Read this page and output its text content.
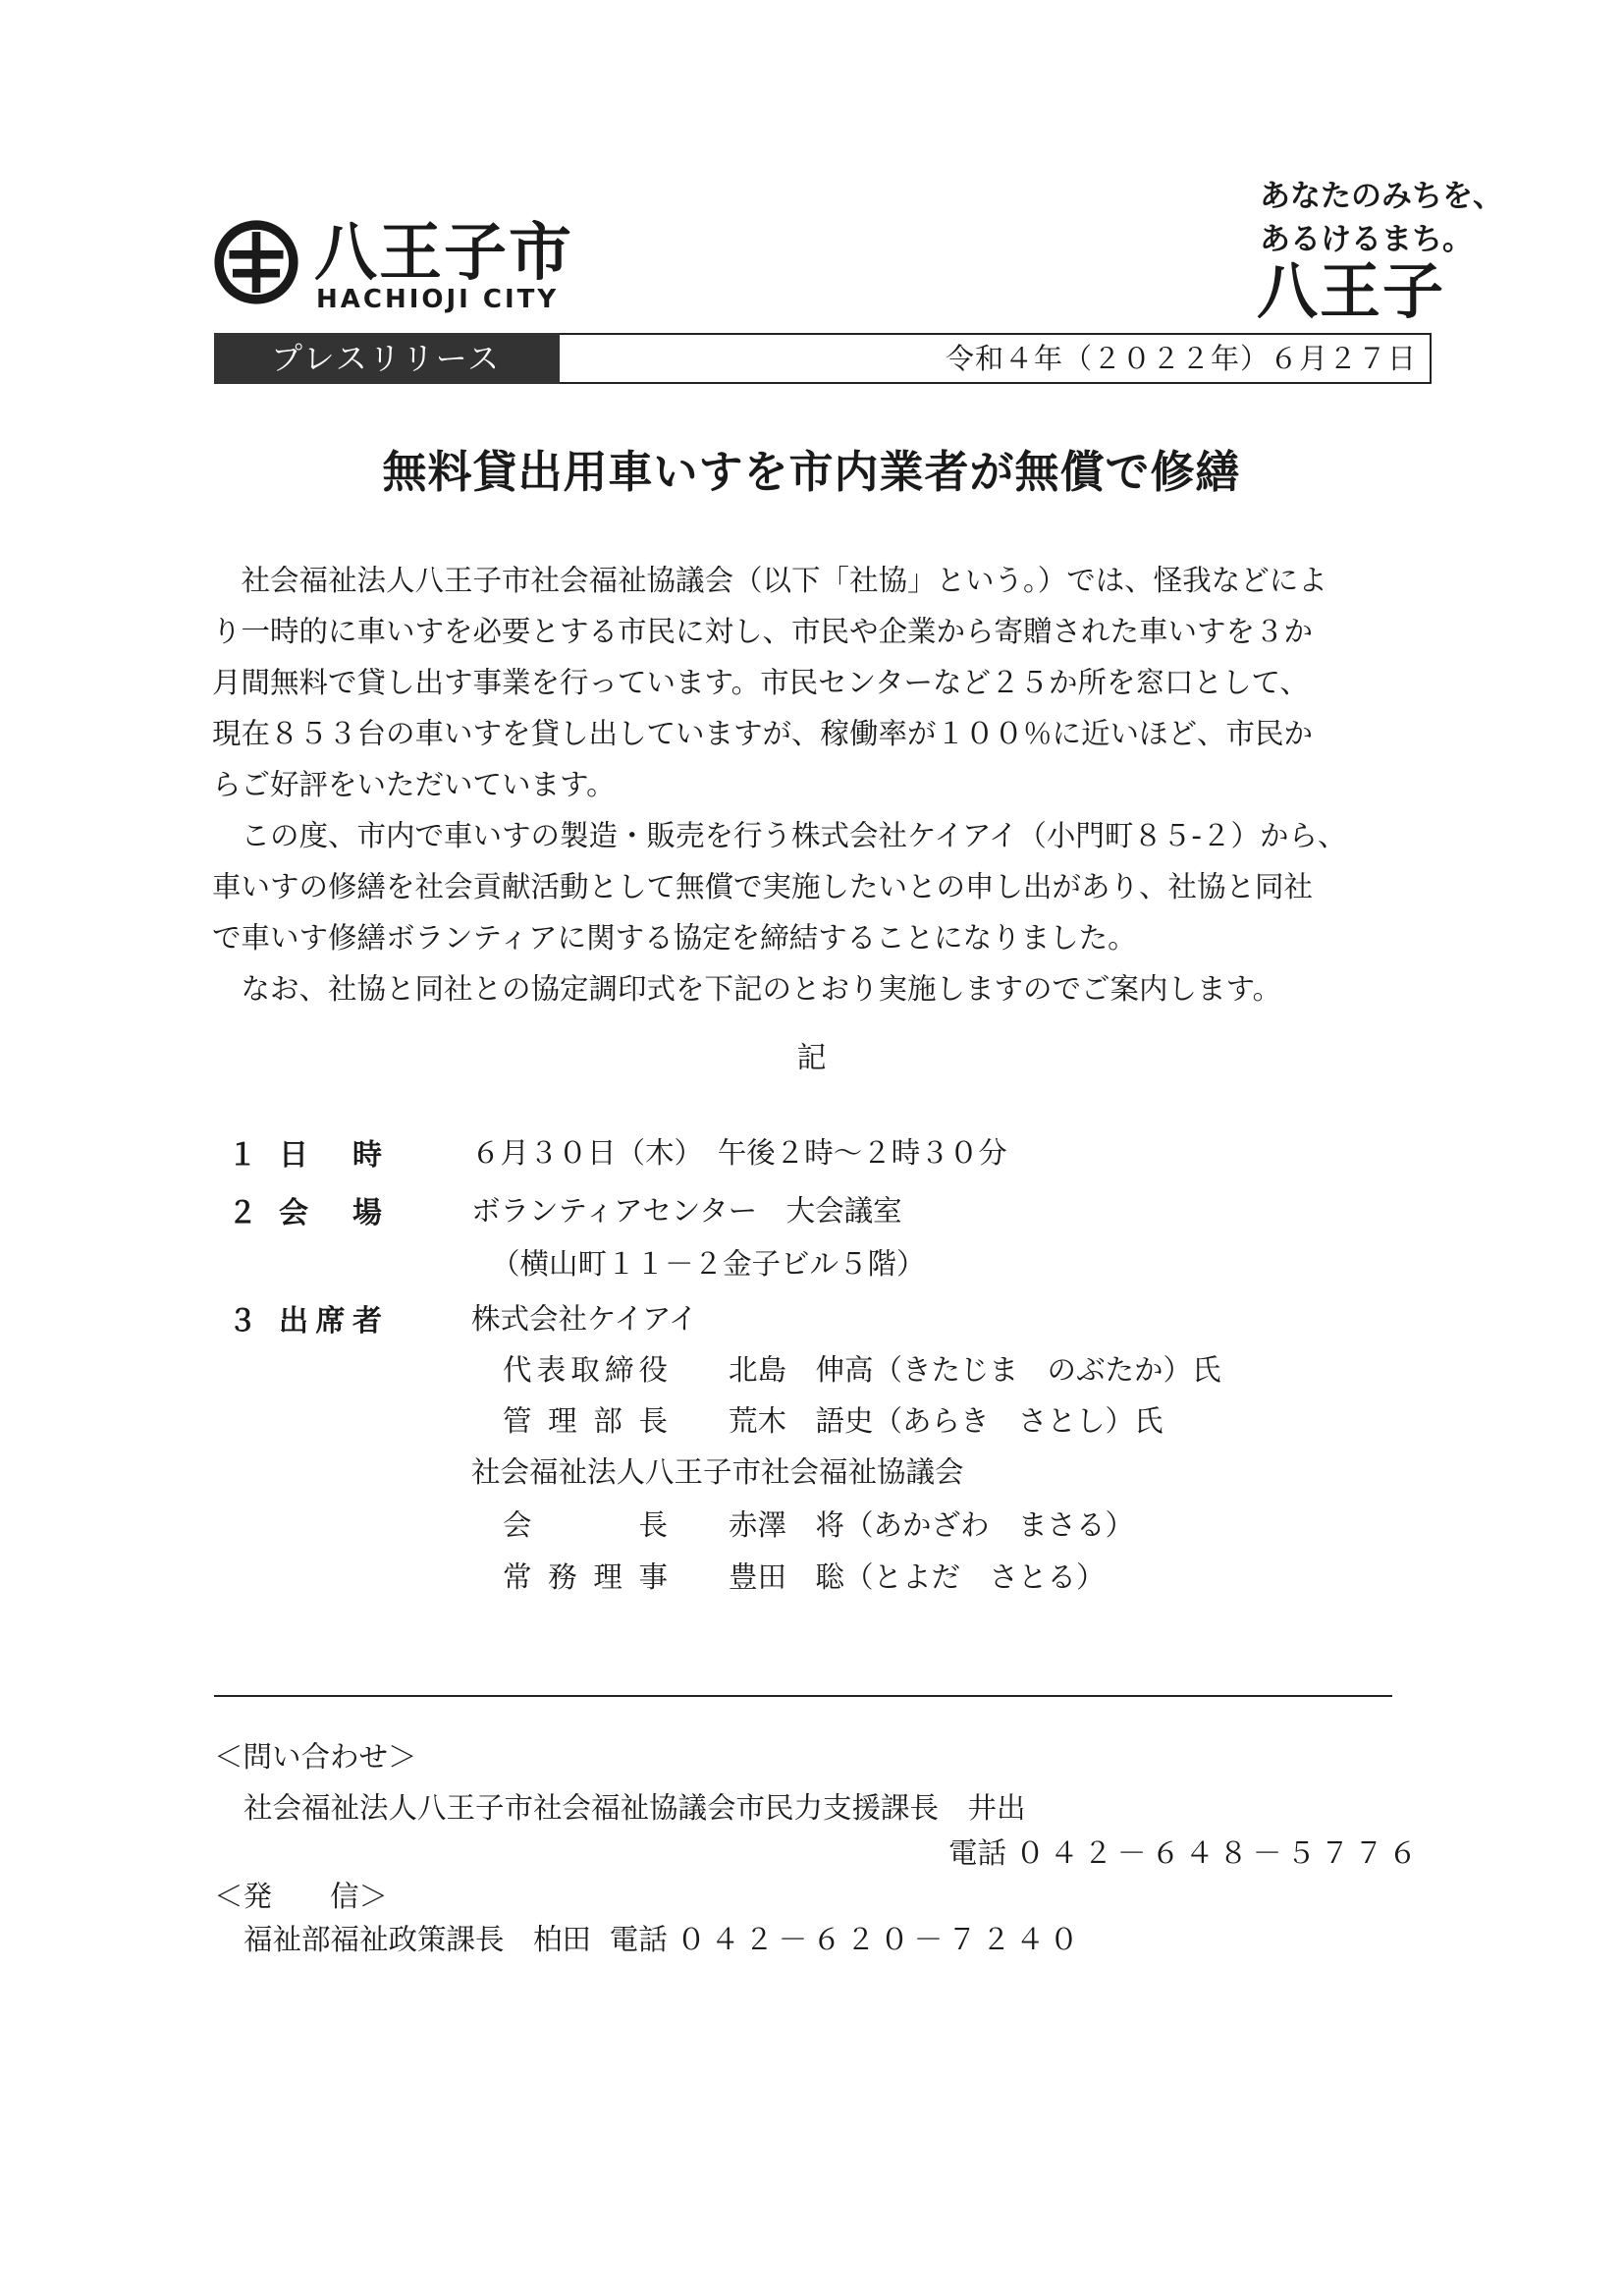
八王子市
HACHIOJI CITY
あなたのみちを、
あるけるまち。
八王子
プレスリリース	令和４年（２０２２年）６月２７日
無料貸出用車いすを市内業者が無償で修繕

　社会福祉法人八王子市社会福祉協議会（以下「社協」という。）では、怪我などによ

り一時的に車いすを必要とする市民に対し、市民や企業から寄贈された車いすを３か

月間無料で貸し出す事業を行っています。市民センターなど２５か所を窓口として、

現在８５３台の車いすを貸し出していますが、稼働率が１００％に近いほど、市民か

らご好評をいただいています。

　この度、市内で車いすの製造・販売を行う株式会社ケイアイ（小門町８５-２）から、

車いすの修繕を社会貢献活動として無償で実施したいとの申し出があり、社協と同社

で車いす修繕ボランティアに関する協定を締結することになりました。

　なお、社協と同社との協定調印式を下記のとおり実施しますのでご案内します。

記
１ 日時	６月３０日（木）　午後２時～２時３０分
２ 会場	ボランティアセンター　大会議室
（横山町１１－２金子ビル５階）
３ 出席者	株式会社ケイアイ
代表取締役 北島　伸高（きたじま　のぶたか）氏
管理部長 荒木　語史（あらき　さとし）氏
社会福祉法人八王子市社会福祉協議会
会長 赤澤　将（あかざわ　まさる）
常務理事 豊田　聡（とよだ　さとる）
＜問い合わせ＞
社会福祉法人八王子市社会福祉協議会市民力支援課長　井出
電話 ０４２－６４８－５７７６
＜発　　信＞
福祉部福祉政策課長　柏田 電話 ０４２－６２０－７２４０
